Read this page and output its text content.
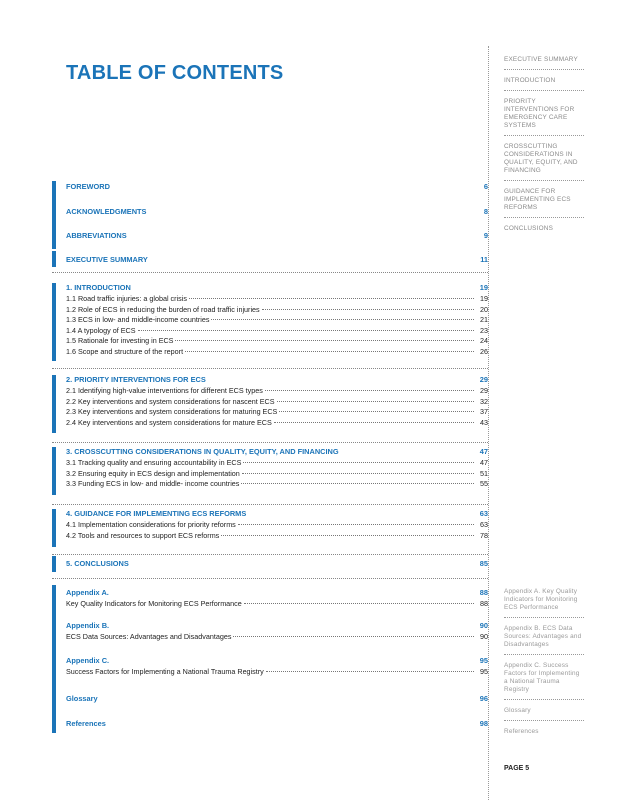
TABLE OF CONTENTS
EXECUTIVE SUMMARY
INTRODUCTION
PRIORITY INTERVENTIONS FOR EMERGENCY CARE SYSTEMS
CROSSCUTTING CONSIDERATIONS IN QUALITY, EQUITY, AND FINANCING
GUIDANCE FOR IMPLEMENTING ECS REFORMS
CONCLUSIONS
Appendix A. Key Quality Indicators for Monitoring ECS Performance
Appendix B. ECS Data Sources: Advantages and Disadvantages
Appendix C. Success Factors for Implementing a National Trauma Registry
Glossary
References
FOREWORD	6
ACKNOWLEDGMENTS	8
ABBREVIATIONS	9
EXECUTIVE SUMMARY	11
1. INTRODUCTION	19
1.1 Road traffic injuries: a global crisis	19
1.2 Role of ECS in reducing the burden of road traffic injuries	20
1.3 ECS in low- and middle-income countries	21
1.4 A typology of ECS	23
1.5 Rationale for investing in ECS	24
1.6 Scope and structure of the report	26
2. PRIORITY INTERVENTIONS FOR ECS	29
2.1 Identifying high-value interventions for different ECS types	29
2.2 Key interventions and system considerations for nascent ECS	32
2.3 Key interventions and system considerations for maturing ECS	37
2.4 Key interventions and system considerations for mature ECS	43
3. CROSSCUTTING CONSIDERATIONS IN QUALITY, EQUITY, AND FINANCING	47
3.1 Tracking quality and ensuring accountability in ECS	47
3.2 Ensuring equity in ECS design and implementation	51
3.3 Funding ECS in low- and middle- income countries	55
4. GUIDANCE FOR IMPLEMENTING ECS REFORMS	63
4.1 Implementation considerations for priority reforms	63
4.2 Tools and resources to support ECS reforms	78
5. CONCLUSIONS	85
Appendix A.	88
Key Quality Indicators for Monitoring ECS Performance	88
Appendix B.	90
ECS Data Sources: Advantages and Disadvantages	90
Appendix C.	95
Success Factors for Implementing a National Trauma Registry	95
Glossary	96
References	98
PAGE 5
